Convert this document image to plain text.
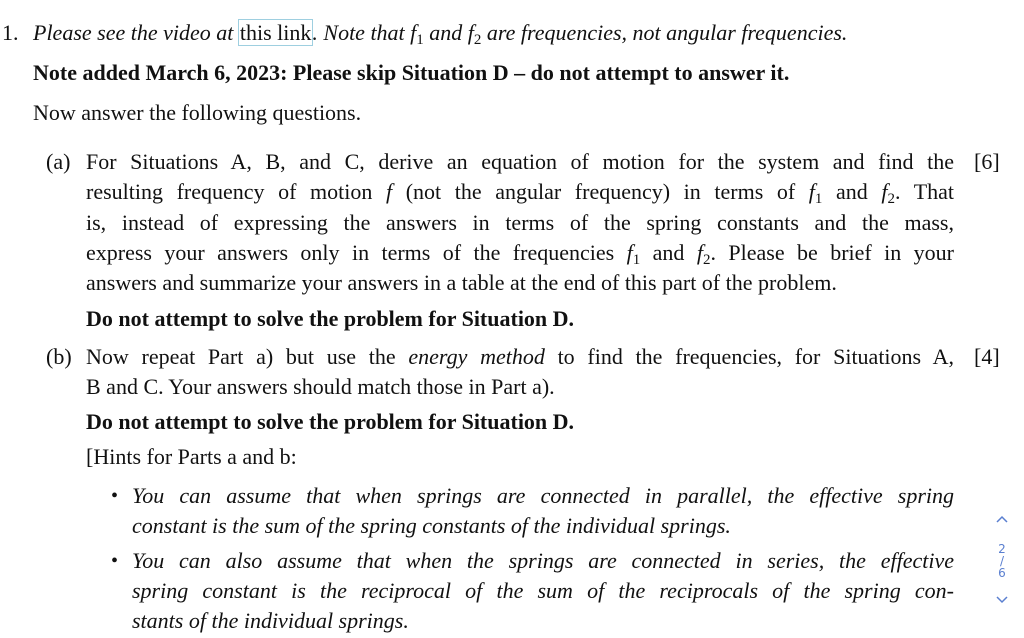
1. Please see the video at this link. Note that $f_1$ and $f_2$ are frequencies, not angular frequencies.
Note added March 6, 2023: Please skip Situation D – do not attempt to answer it.
Now answer the following questions.
(a)	[6]
For Situations A, B, and C, derive an equation of motion for the system and find the
resulting frequency of motion f (not the angular frequency) in terms of $f_1$ and $f_2$. That
is, instead of expressing the answers in terms of the spring constants and the mass,
express your answers only in terms of the frequencies $f_1$ and $f_2$. Please be brief in your
answers and summarize your answers in a table at the end of this part of the problem.
Do not attempt to solve the problem for Situation D.
(b)	[4]
Now repeat Part a) but use the energy method to find the frequencies, for Situations A,
B and C. Your answers should match those in Part a).
Do not attempt to solve the problem for Situation D.
[Hints for Parts a and b:
• You can assume that when springs are connected in parallel, the effective spring
constant is the sum of the spring constants of the individual springs.
• You can also assume that when the springs are connected in series, the effective
spring constant is the reciprocal of the sum of the reciprocals of the spring con-
stants of the individual springs.
2
/
6
